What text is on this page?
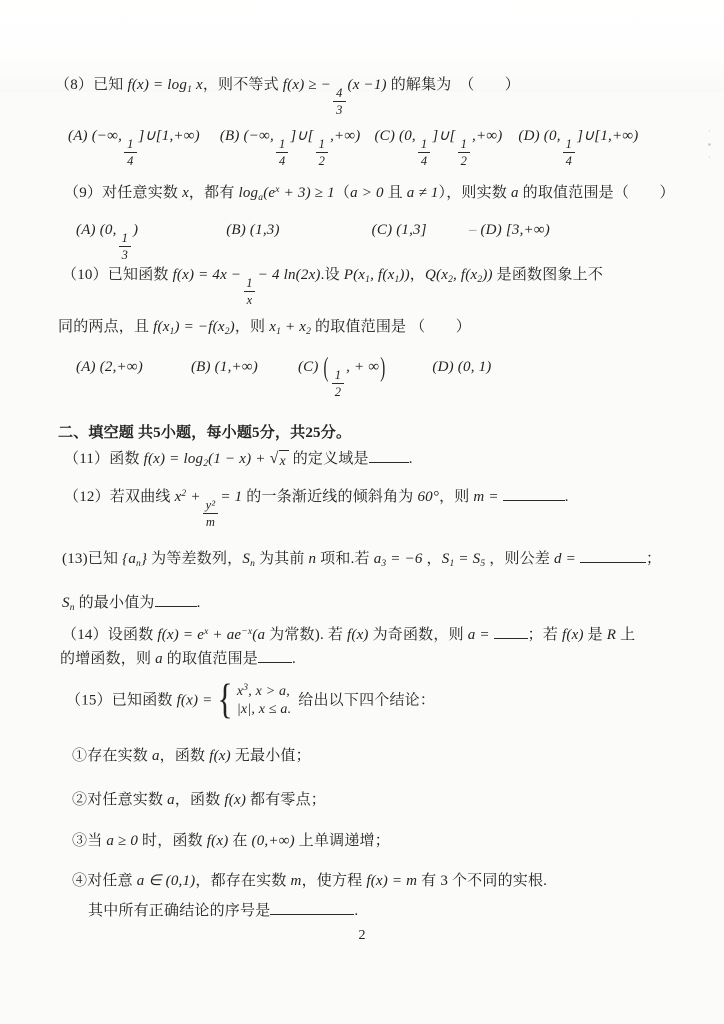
（8）已知 $f(x) = \log_1 x$，则不等式 f(x) ≥ −
$\frac{4}{3}$
(x −1) 的解集为　（　　）
(A) (−∞,
$\frac{1}{4}$
]∪[1,+∞) (B) (−∞,
$\frac{1}{4}$
]∪[
$\frac{1}{2}$
,+∞) (C) (0,
$\frac{1}{4}$
]∪[
$\frac{1}{2}$
,+∞) (D) (0,
$\frac{1}{4}$
]∪[1,+∞)
（9）对任意实数 x，都有 $\log_a(e^x + 3) \ge 1(a > 0$ 且 a ≠ 1），则实数 a 的取值范围是（　　）
(A) (0,
$\frac{1}{3}$
)	(B) (1,3)	(C) (1,3]	– (D) [3,+∞)
（10）已知函数 f(x) = 4x −
$\frac{1}{x}$
− 4 ln(2x).设 $P(x_1$, $f(x_1)$)，$Q(x_2$, $f(x_2)$) 是函数图象上不
同的两点，且 $f(x_1) = -f(x_2)$，则 $x_1 + x_2$ 的取值范围是 （　　）
(A) (2,+∞)	(B) (1,+∞)	(C) (
$\frac{1}{2}$
, + ∞)	(D) (0, 1)
二、填空题 共5小题，每小题5分，共25分。
（11）函数 $f(x) = \log_2(1 - x)$ + √ x 的定义域是	.
（12）若双曲线 $x^2$ +
$\frac{\text{y²}}{m}$
= 1 的一条渐近线的倾斜角为 60°，则 m =	.
(13)已知 $\{a_n\}$ 为等差数列，$S_n$ 为其前 n 项和.若 $a_3 = -6$ ，$S_1 = S_5$ ，则公差 d =	；
$S_n$ 的最小值为	.
（14）设函数 $f(x) = e^x + ae^{-x}(a$ 为常数). 若 f(x) 为奇函数，则 a = ；若 f(x) 是 R 上
的增函数，则 a 的取值范围是 .
（15）已知函数 f(x) = { $x^3$, x > a,
|x|, x ≤ a.
给出以下四个结论：
①存在实数 a，函数 f(x) 无最小值；
②对任意实数 a，函数 f(x) 都有零点；
③当 a ≥ 0 时，函数 f(x) 在 (0,+∞) 上单调递增；
④对任意 a ∈ (0,1)，都存在实数 m，使方程 f(x) = m 有 3 个不同的实根.
其中所有正确结论的序号是	.
·
▪
·
2
